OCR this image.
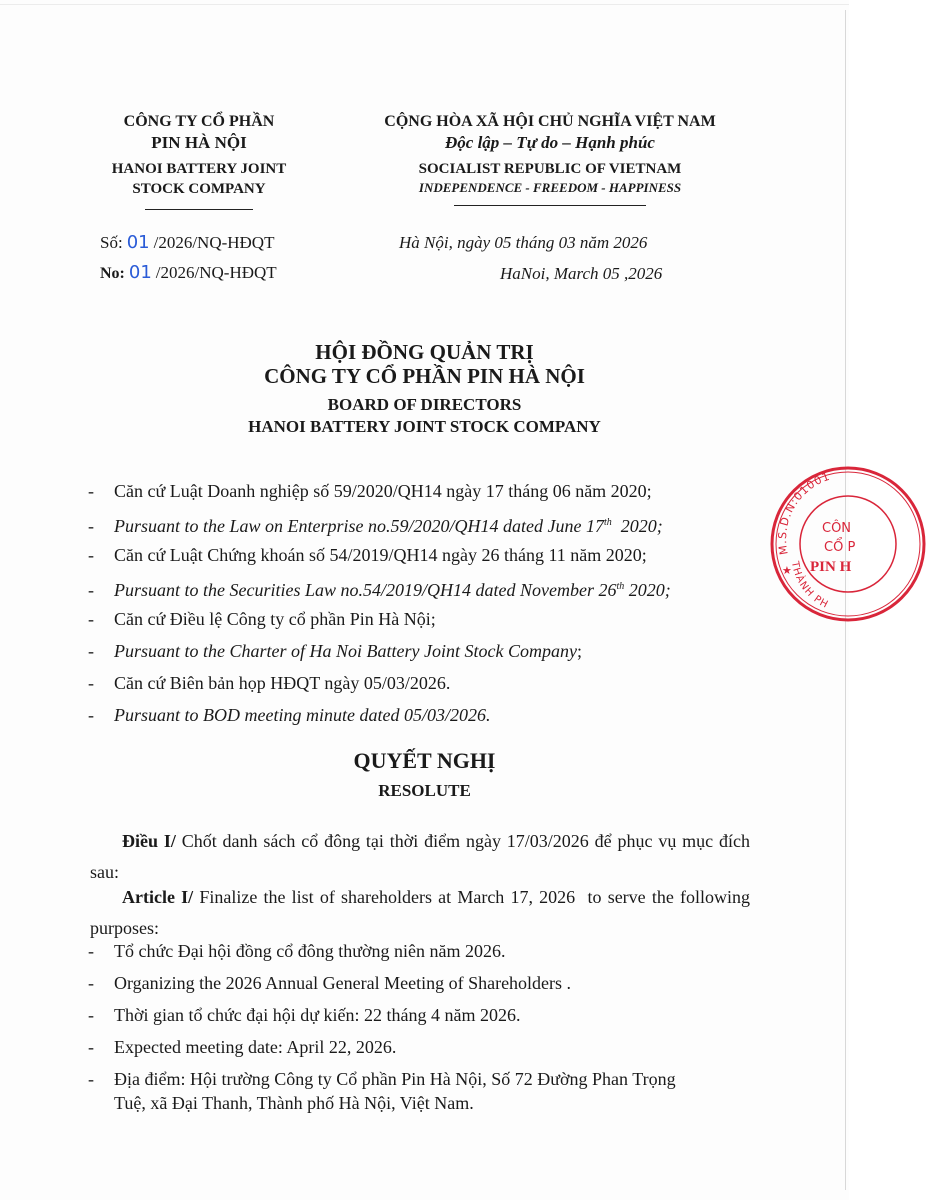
CÔNG TY CỔ PHẦN
PIN HÀ NỘI
HANOI BATTERY JOINT
STOCK COMPANY
Số: 01 /2026/NQ-HĐQT
No: 01 /2026/NQ-HĐQT
CỘNG HÒA XÃ HỘI CHỦ NGHĨA VIỆT NAM
Độc lập – Tự do – Hạnh phúc
SOCIALIST REPUBLIC OF VIETNAM
INDEPENDENCE - FREEDOM - HAPPINESS
Hà Nội, ngày 05 tháng 03 năm 2026
HaNoi, March 05 ,2026
HỘI ĐỒNG QUẢN TRỊ
CÔNG TY CỔ PHẦN PIN HÀ NỘI
BOARD OF DIRECTORS
HANOI BATTERY JOINT STOCK COMPANY
- Căn cứ Luật Doanh nghiệp số 59/2020/QH14 ngày 17 tháng 06 năm 2020;
- Pursuant to the Law on Enterprise no.59/2020/QH14 dated June 17th  2020;
- Căn cứ Luật Chứng khoán số 54/2019/QH14 ngày 26 tháng 11 năm 2020;
- Pursuant to the Securities Law no.54/2019/QH14 dated November 26th 2020;
- Căn cứ Điều lệ Công ty cổ phần Pin Hà Nội;
- Pursuant to the Charter of Ha Noi Battery Joint Stock Company;
- Căn cứ Biên bản họp HĐQT ngày 05/03/2026.
- Pursuant to BOD meeting minute dated 05/03/2026.
QUYẾT NGHỊ
RESOLUTE
Điều I/ Chốt danh sách cổ đông tại thời điểm ngày 17/03/2026 để phục vụ mục đích sau:
Article I/ Finalize the list of shareholders at March 17, 2026  to serve the following purposes:
- Tổ chức Đại hội đồng cổ đông thường niên năm 2026.
- Organizing the 2026 Annual General Meeting of Shareholders .
- Thời gian tổ chức đại hội dự kiến: 22 tháng 4 năm 2026.
- Expected meeting date: April 22, 2026.
- Địa điểm: Hội trường Công ty Cổ phần Pin Hà Nội, Số 72 Đường Phan Trọng
Tuệ, xã Đại Thanh, Thành phố Hà Nội, Việt Nam.
M.S.D.N:01001
THÀNH PH
★
CÔN
CỔ P
PIN H
